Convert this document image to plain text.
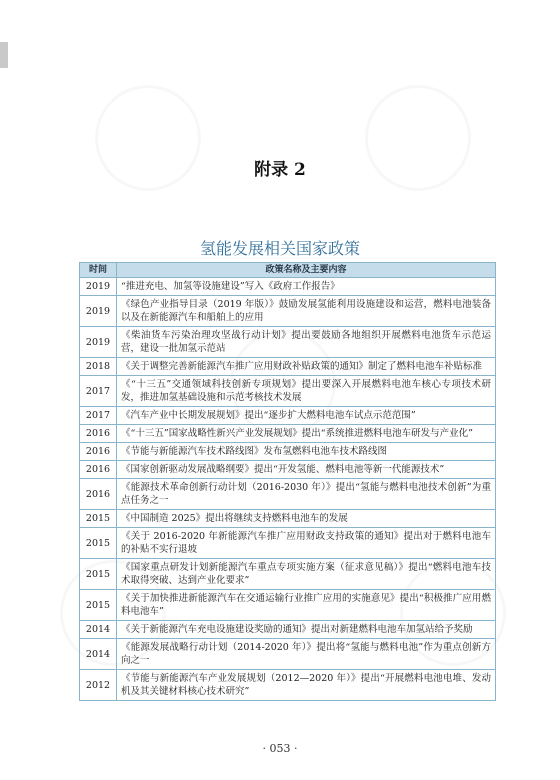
附录 2
氢能发展相关国家政策
时间	政策名称及主要内容
2019	“推进充电、加氢等设施建设”写入《政府工作报告》
2019	《绿色产业指导目录（2019 年版）》鼓励发展氢能利用设施建设和运营，燃料电池装备以及在新能源汽车和船舶上的应用
2019	《柴油货车污染治理攻坚战行动计划》提出要鼓励各地组织开展燃料电池货车示范运营，建设一批加氢示范站
2018	《关于调整完善新能源汽车推广应用财政补贴政策的通知》制定了燃料电池车补贴标准
2017	《“十三五”交通领域科技创新专项规划》提出要深入开展燃料电池车核心专项技术研发，推进加氢基础设施和示范考核技术发展
2017	《汽车产业中长期发展规划》提出“逐步扩大燃料电池车试点示范范围”
2016	《“十三五”国家战略性新兴产业发展规划》提出“系统推进燃料电池车研发与产业化”
2016	《节能与新能源汽车技术路线图》发布氢燃料电池车技术路线图
2016	《国家创新驱动发展战略纲要》提出“开发氢能、燃料电池等新一代能源技术”
2016	《能源技术革命创新行动计划（2016-2030 年）》提出“氢能与燃料电池技术创新”为重点任务之一
2015	《中国制造 2025》提出将继续支持燃料电池车的发展
2015	《关于 2016-2020 年新能源汽车推广应用财政支持政策的通知》提出对于燃料电池车的补贴不实行退坡
2015	《国家重点研发计划新能源汽车重点专项实施方案（征求意见稿）》提出“燃料电池车技术取得突破、达到产业化要求”
2015	《关于加快推进新能源汽车在交通运输行业推广应用的实施意见》提出“积极推广应用燃料电池车”
2014	《关于新能源汽车充电设施建设奖励的通知》提出对新建燃料电池车加氢站给予奖励
2014	《能源发展战略行动计划（2014-2020 年）》提出将“氢能与燃料电池”作为重点创新方向之一
2012	《节能与新能源汽车产业发展规划（2012—2020 年）》提出“开展燃料电池电堆、发动机及其关键材料核心技术研究”
· 053 ·
